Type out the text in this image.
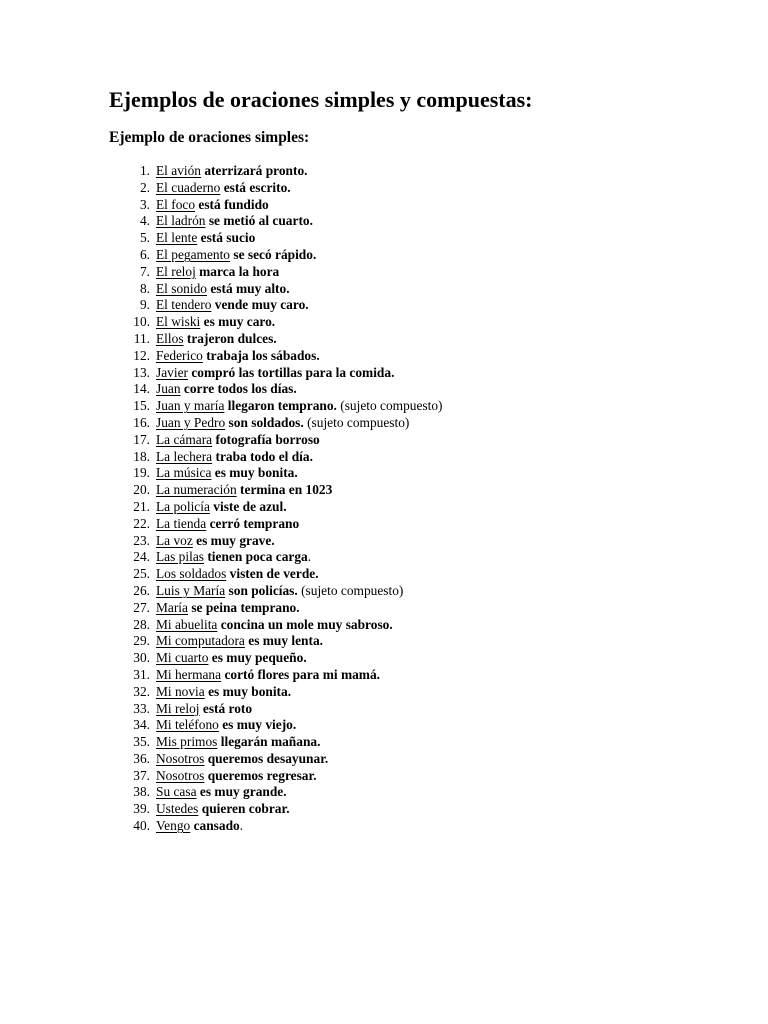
Ejemplos de oraciones simples y compuestas:
Ejemplo de oraciones simples:
1. El avión aterrizará pronto.
2. El cuaderno está escrito.
3. El foco está fundido
4. El ladrón se metió al cuarto.
5. El lente está sucio
6. El pegamento se secó rápido.
7. El reloj marca la hora
8. El sonido está muy alto.
9. El tendero vende muy caro.
10. El wiski es muy caro.
11. Ellos trajeron dulces.
12. Federico trabaja los sábados.
13. Javier compró las tortillas para la comida.
14. Juan corre todos los días.
15. Juan y maría llegaron temprano. (sujeto compuesto)
16. Juan y Pedro son soldados. (sujeto compuesto)
17. La cámara fotografía borroso
18. La lechera traba todo el día.
19. La música es muy bonita.
20. La numeración termina en 1023
21. La policía viste de azul.
22. La tienda cerró temprano
23. La voz es muy grave.
24. Las pilas tienen poca carga.
25. Los soldados visten de verde.
26. Luis y María son policías. (sujeto compuesto)
27. María se peina temprano.
28. Mi abuelita concina un mole muy sabroso.
29. Mi computadora es muy lenta.
30. Mi cuarto es muy pequeño.
31. Mi hermana cortó flores para mi mamá.
32. Mi novia es muy bonita.
33. Mi reloj está roto
34. Mi teléfono es muy viejo.
35. Mis primos llegarán mañana.
36. Nosotros queremos desayunar.
37. Nosotros queremos regresar.
38. Su casa es muy grande.
39. Ustedes quieren cobrar.
40. Vengo cansado.
